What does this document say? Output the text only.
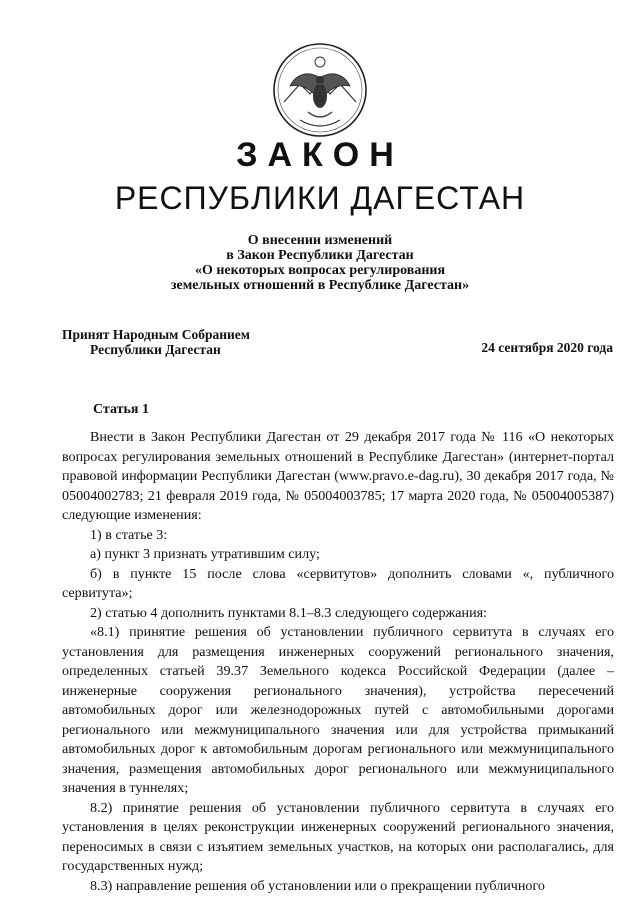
ЗАКОН
РЕСПУБЛИКИ ДАГЕСТАН
О внесении изменений
в Закон Республики Дагестан
«О некоторых вопросах регулирования
земельных отношений в Республике Дагестан»
Принят Народным Собранием
Республики Дагестан	24 сентября 2020 года
Статья 1

Внести в Закон Республики Дагестан от 29 декабря 2017 года № 116 «О некоторых вопросах регулирования земельных отношений в Республике Дагестан» (интернет-портал правовой информации Республики Дагестан (www.pravo.e-dag.ru), 30 декабря 2017 года, № 05004002783; 21 февраля 2019 года, № 05004003785; 17 марта 2020 года, № 05004005387) следующие изменения:

1) в статье 3:

а) пункт 3 признать утратившим силу;

б) в пункте 15 после слова «сервитутов» дополнить словами «, публичного сервитута»;

2) статью 4 дополнить пунктами 8.1–8.3 следующего содержания:

«8.1) принятие решения об установлении публичного сервитута в случаях его установления для размещения инженерных сооружений регионального значения, определенных статьей 39.37 Земельного кодекса Российской Федерации (далее – инженерные сооружения регионального значения), устройства пересечений автомобильных дорог или железнодорожных путей с автомобильными дорогами регионального или межмуниципального значения или для устройства примыканий автомобильных дорог к автомобильным дорогам регионального или межмуниципального значения, размещения автомобильных дорог регионального или межмуниципального значения в туннелях;

8.2) принятие решения об установлении публичного сервитута в случаях его установления в целях реконструкции инженерных сооружений регионального значения, переносимых в связи с изъятием земельных участков, на которых они располагались, для государственных нужд;

8.3) направление решения об установлении или о прекращении публичного
